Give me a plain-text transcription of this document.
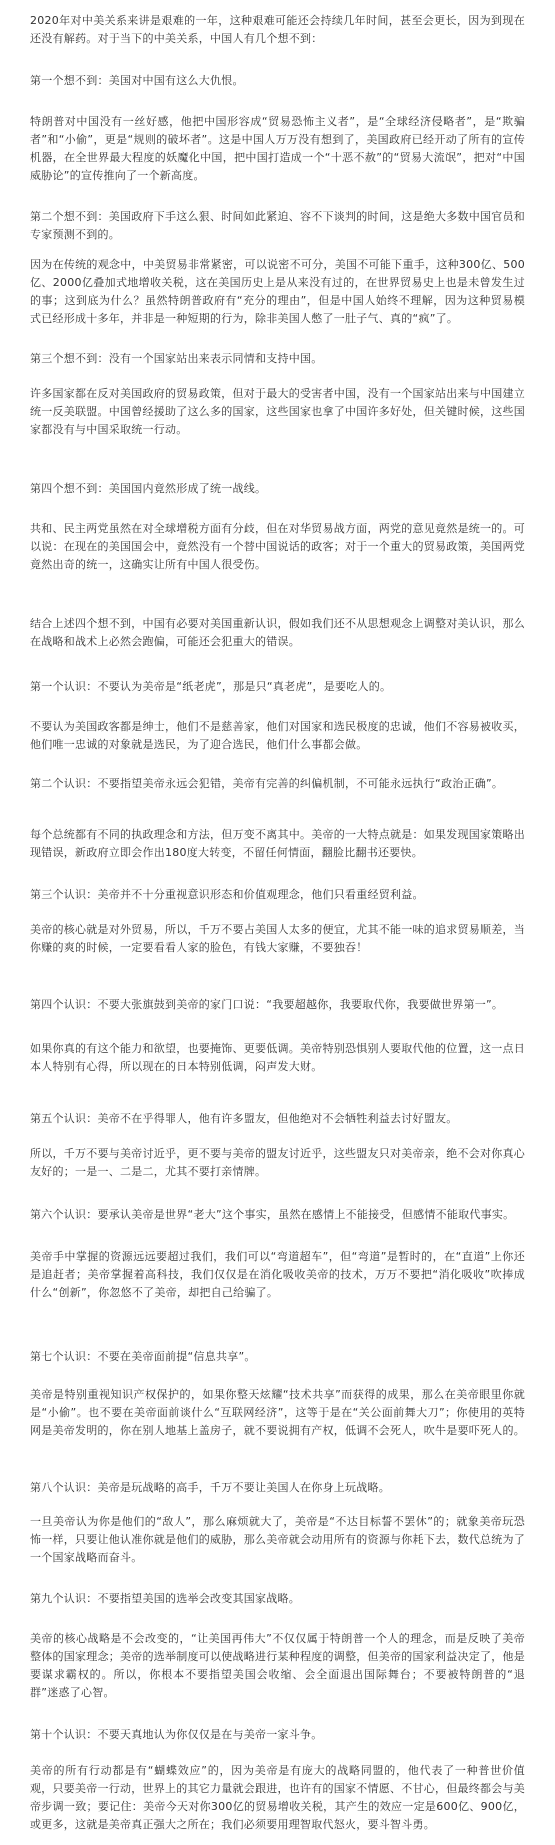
2020年对中美关系来讲是艰难的一年，这种艰难可能还会持续几年时间，甚至会更长，因为到现在还没有解药。对于当下的中美关系，中国人有几个想不到：

第一个想不到：美国对中国有这么大仇恨。

特朗普对中国没有一丝好感，他把中国形容成“贸易恐怖主义者”，是“全球经济侵略者”，是“欺骗者”和“小偷”，更是“规则的破坏者”。这是中国人万万没有想到了，美国政府已经开动了所有的宣传机器，在全世界最大程度的妖魔化中国，把中国打造成一个“十恶不赦”的“贸易大流氓”，把对“中国威胁论”的宣传推向了一个新高度。

第二个想不到：美国政府下手这么狠、时间如此紧迫、容不下谈判的时间，这是绝大多数中国官员和专家预测不到的。

因为在传统的观念中，中美贸易非常紧密，可以说密不可分，美国不可能下重手，这种300亿、500亿、2000亿叠加式地增收关税，这在美国历史上是从来没有过的，在世界贸易史上也是未曾发生过的事；这到底为什么？虽然特朗普政府有“充分的理由”，但是中国人始终不理解，因为这种贸易模式已经形成十多年，并非是一种短期的行为，除非美国人憋了一肚子气、真的“疯”了。

第三个想不到：没有一个国家站出来表示同情和支持中国。

许多国家都在反对美国政府的贸易政策，但对于最大的受害者中国，没有一个国家站出来与中国建立统一反美联盟。中国曾经援助了这么多的国家，这些国家也拿了中国许多好处，但关键时候，这些国家都没有与中国采取统一行动。

第四个想不到：美国国内竟然形成了统一战线。

共和、民主两党虽然在对全球增税方面有分歧，但在对华贸易战方面，两党的意见竟然是统一的。可以说：在现在的美国国会中，竟然没有一个替中国说话的政客；对于一个重大的贸易政策，美国两党竟然出奇的统一，这确实让所有中国人很受伤。

结合上述四个想不到，中国有必要对美国重新认识，假如我们还不从思想观念上调整对美认识，那么在战略和战术上必然会跑偏，可能还会犯重大的错误。

第一个认识：不要认为美帝是“纸老虎”，那是只“真老虎”，是要吃人的。

不要认为美国政客都是绅士，他们不是慈善家，他们对国家和选民极度的忠诚，他们不容易被收买，他们唯一忠诚的对象就是选民，为了迎合选民，他们什么事都会做。

第二个认识：不要指望美帝永远会犯错，美帝有完善的纠偏机制，不可能永远执行“政治正确”。

每个总统都有不同的执政理念和方法，但万变不离其中。美帝的一大特点就是：如果发现国家策略出现错误，新政府立即会作出180度大转变，不留任何情面，翻脸比翻书还要快。

第三个认识：美帝并不十分重视意识形态和价值观理念，他们只看重经贸利益。

美帝的核心就是对外贸易，所以，千万不要占美国人太多的便宜，尤其不能一味的追求贸易顺差，当你赚的爽的时候，一定要看看人家的脸色，有钱大家赚，不要独吞！

第四个认识：不要大张旗鼓到美帝的家门口说：“我要超越你，我要取代你，我要做世界第一”。

如果你真的有这个能力和欲望，也要掩饰、更要低调。美帝特别恐惧别人要取代他的位置，这一点日本人特别有心得，所以现在的日本特别低调，闷声发大财。

第五个认识：美帝不在乎得罪人，他有许多盟友，但他绝对不会牺牲利益去讨好盟友。

所以，千万不要与美帝讨近乎，更不要与美帝的盟友讨近乎，这些盟友只对美帝亲，绝不会对你真心友好的；一是一、二是二，尤其不要打亲情牌。

第六个认识：要承认美帝是世界“老大”这个事实，虽然在感情上不能接受，但感情不能取代事实。

美帝手中掌握的资源远远要超过我们，我们可以“弯道超车”，但“弯道”是暂时的，在“直道”上你还是追赶者；美帝掌握着高科技，我们仅仅是在消化吸收美帝的技术，万万不要把“消化吸收”吹捧成什么“创新”，你忽悠不了美帝，却把自己给骗了。

第七个认识：不要在美帝面前提“信息共享”。

美帝是特别重视知识产权保护的，如果你整天炫耀“技术共享”而获得的成果，那么在美帝眼里你就是“小偷”。也不要在美帝面前谈什么“互联网经济”，这等于是在“关公面前舞大刀”；你使用的英特网是美帝发明的，你在别人地基上盖房子，就不要说拥有产权，低调不会死人，吹牛是要吓死人的。

第八个认识：美帝是玩战略的高手，千万不要让美国人在你身上玩战略。

一旦美帝认为你是他们的“敌人”，那么麻烦就大了，美帝是“不达目标誓不罢休”的；就象美帝玩恐怖一样，只要让他认准你就是他们的威胁，那么美帝就会动用所有的资源与你耗下去，数代总统为了一个国家战略而奋斗。

第九个认识：不要指望美国的选举会改变其国家战略。

美帝的核心战略是不会改变的，“让美国再伟大”不仅仅属于特朗普一个人的理念，而是反映了美帝整体的国家理念；美帝的选举制度可以使战略进行某种程度的调整，但美帝的国家利益决定了，他是要谋求霸权的。所以，你根本不要指望美国会收缩、会全面退出国际舞台；不要被特朗普的“退群”迷惑了心智。

第十个认识：不要天真地认为你仅仅是在与美帝一家斗争。

美帝的所有行动都是有“蝴蝶效应”的，因为美帝是有庞大的战略同盟的，他代表了一种普世价值观，只要美帝一行动，世界上的其它力量就会跟进，也许有的国家不情愿、不甘心，但最终都会与美帝步调一致；要记住：美帝今天对你300亿的贸易增收关税，其产生的效应一定是600亿、900亿，或更多，这就是美帝真正强大之所在；我们必须要用理智取代怒火，要斗智斗勇。
